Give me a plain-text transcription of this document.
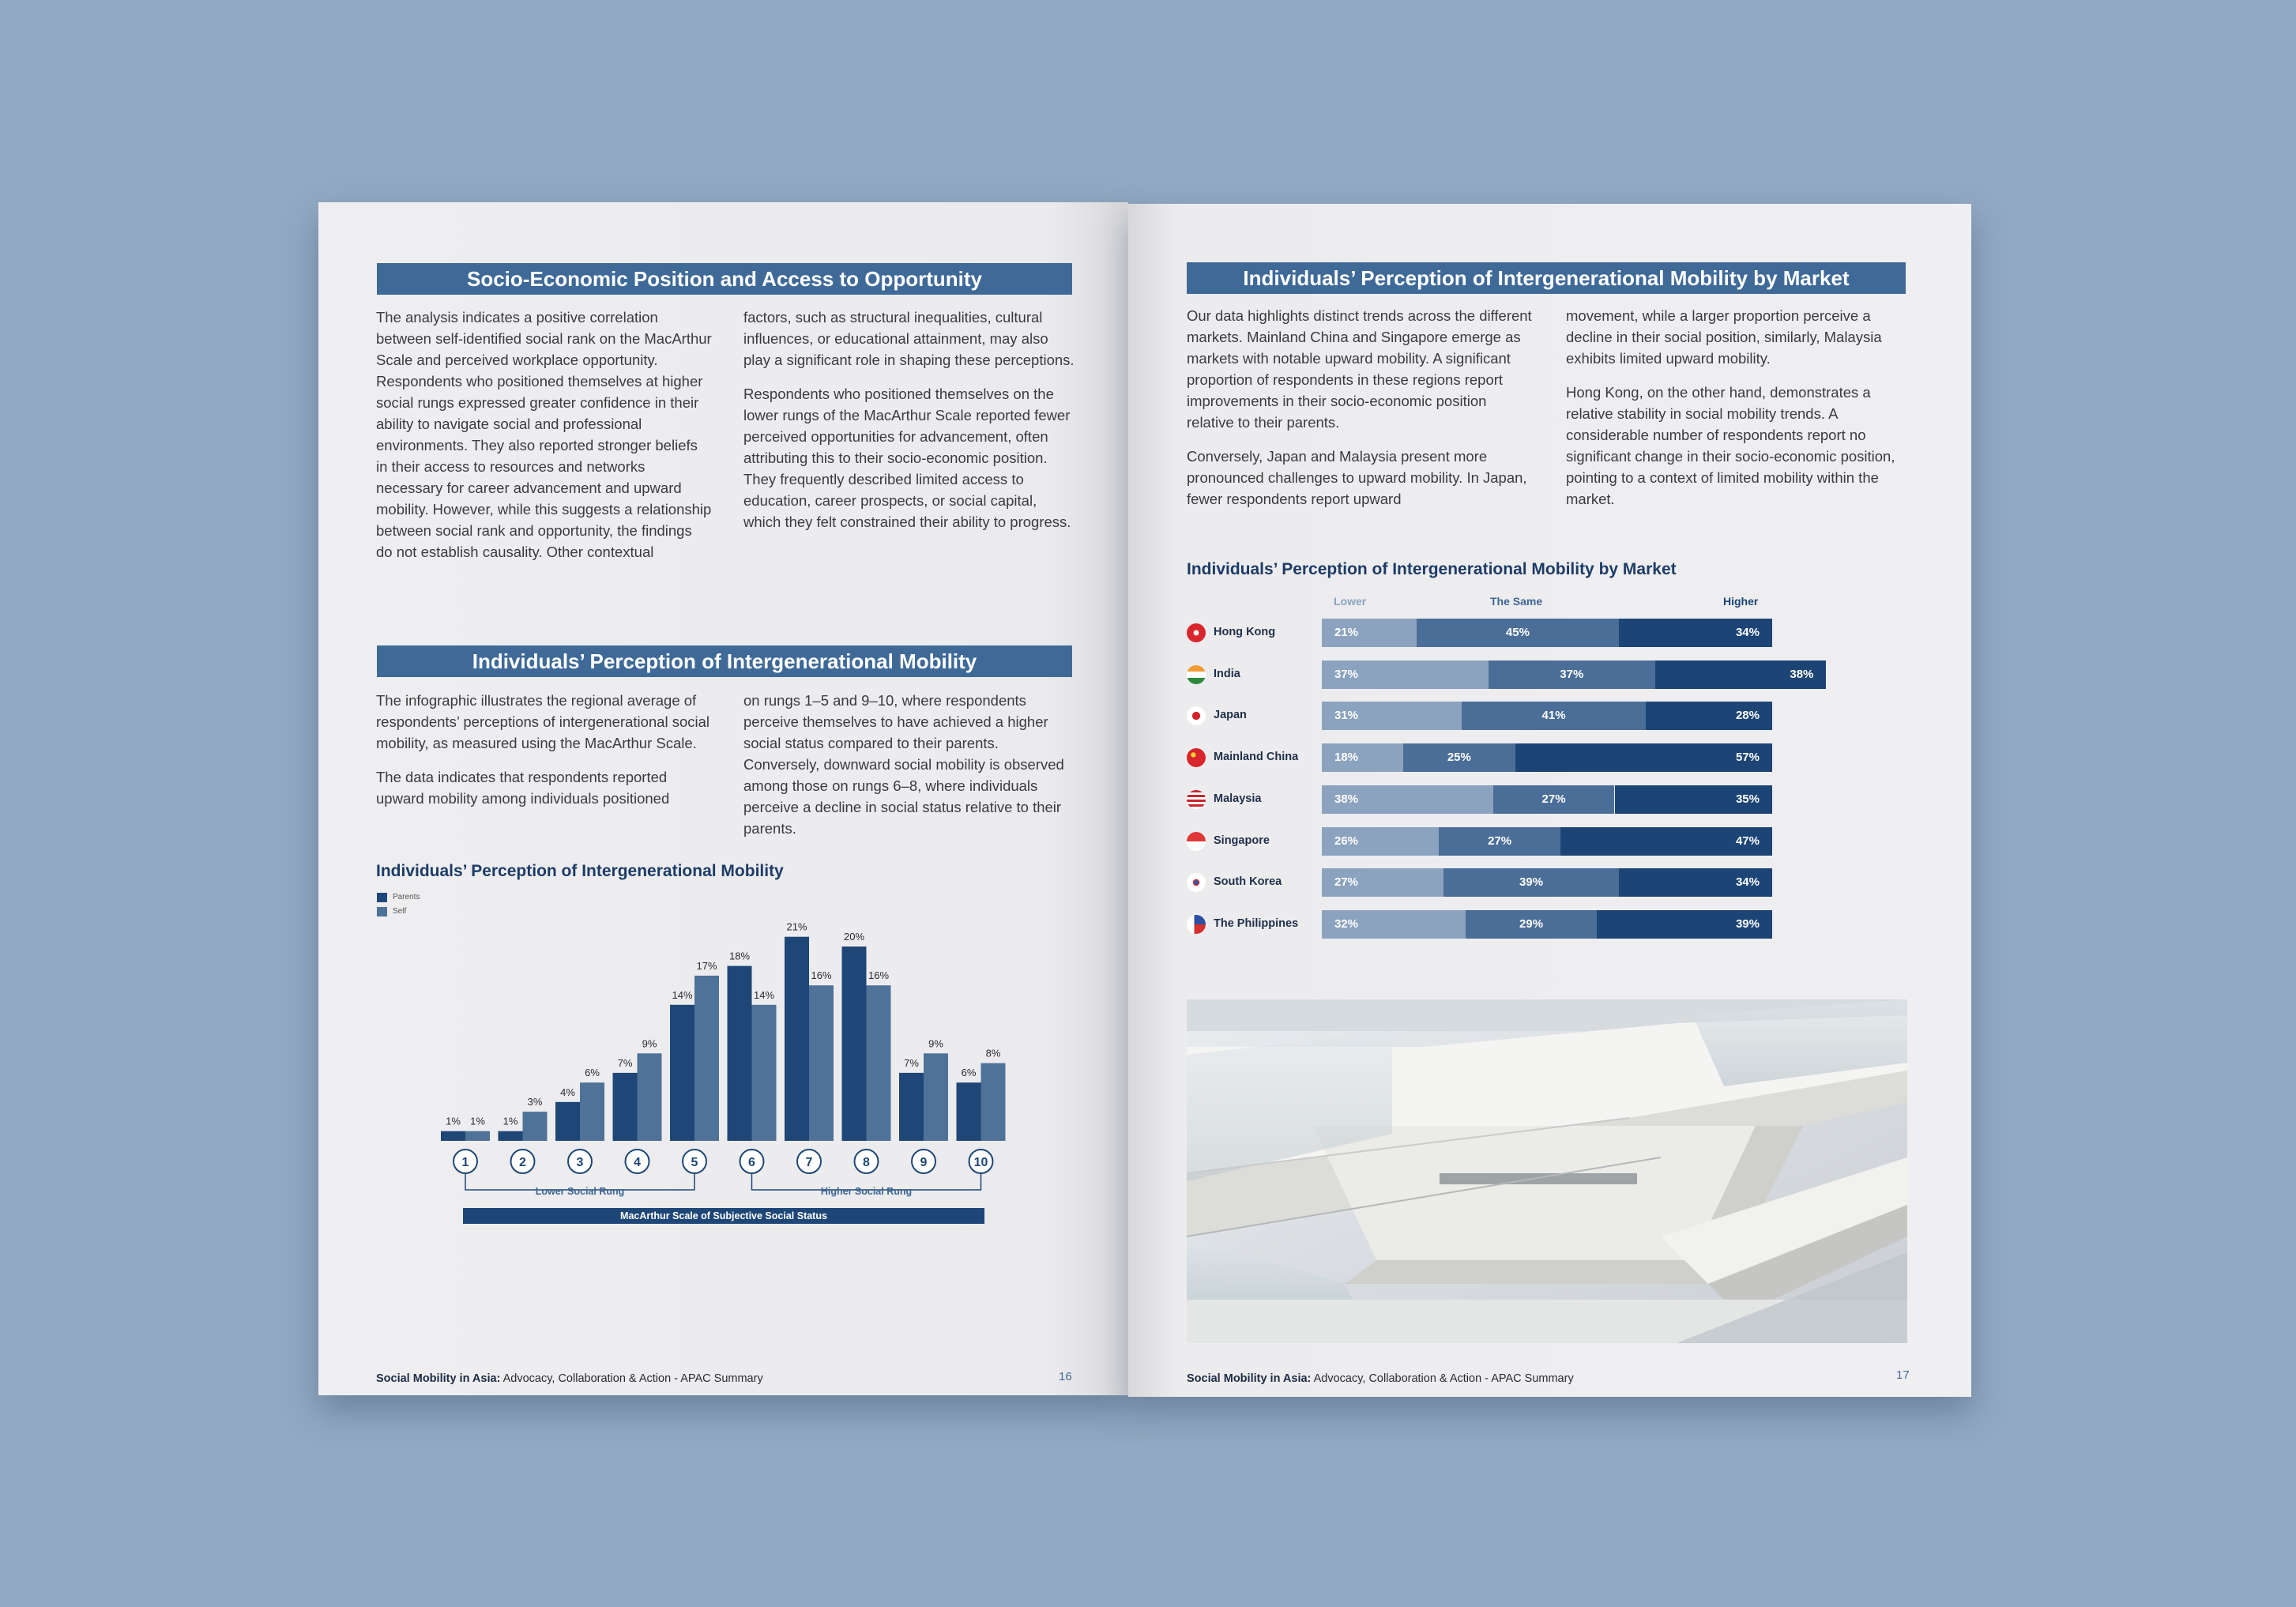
Socio-Economic Position and Access to Opportunity

The analysis indicates a positive correlation between self-identified social rank on the MacArthur Scale and perceived workplace opportunity. Respondents who positioned themselves at higher social rungs expressed greater confidence in their ability to navigate social and professional environments. They also reported stronger beliefs in their access to resources and networks necessary for career advancement and upward mobility. However, while this suggests a relationship between social rank and opportunity, the findings do not establish causality. Other contextual

factors, such as structural inequalities, cultural influences, or educational attainment, may also play a significant role in shaping these perceptions.

Respondents who positioned themselves on the lower rungs of the MacArthur Scale reported fewer perceived opportunities for advancement, often attributing this to their socio-economic position. They frequently described limited access to education, career prospects, or social capital, which they felt constrained their ability to progress.

Individuals’ Perception of Intergenerational Mobility

The infographic illustrates the regional average of respondents’ perceptions of intergenerational social mobility, as measured using the MacArthur Scale.

The data indicates that respondents reported upward mobility among individuals positioned

on rungs 1–5 and 9–10, where respondents perceive themselves to have achieved a higher social status compared to their parents. Conversely, downward social mobility is observed among those on rungs 6–8, where individuals perceive a decline in social status relative to their parents.

Individuals’ Perception of Intergenerational Mobility
Parents
Self
1% 1%
1
1%
3%
2
4%
6%
3
7%
9%
4
14%
17%
5
18%
14%
6
21%
16%
7
20%
16%
8
7%
9%
9
6%
8%
10
Lower Social Rung	Higher Social Rung
MacArthur Scale of Subjective Social Status
Social Mobility in Asia: Advocacy, Collaboration & Action - APAC Summary	16
Individuals’ Perception of Intergenerational Mobility by Market

Our data highlights distinct trends across the different markets. Mainland China and Singapore emerge as markets with notable upward mobility. A significant proportion of respondents in these regions report improvements in their socio-economic position relative to their parents.

Conversely, Japan and Malaysia present more pronounced challenges to upward mobility. In Japan, fewer respondents report upward

movement, while a larger proportion perceive a decline in their social position, similarly, Malaysia exhibits limited upward mobility.

Hong Kong, on the other hand, demonstrates a relative stability in social mobility trends. A considerable number of respondents report no significant change in their socio-economic position, pointing to a context of limited mobility within the market.

Individuals’ Perception of Intergenerational Mobility by Market
Lower	The Same	Higher
Hong Kong	21%	45%	34%
India	37%	37%	38%
Japan	31%	41%	28%
Mainland China	18%	25%	57%
Malaysia	38%	27%	35%
Singapore	26%	27%	47%
South Korea	27%	39%	34%
The Philippines	32%	29%	39%
Social Mobility in Asia: Advocacy, Collaboration & Action - APAC Summary	17
